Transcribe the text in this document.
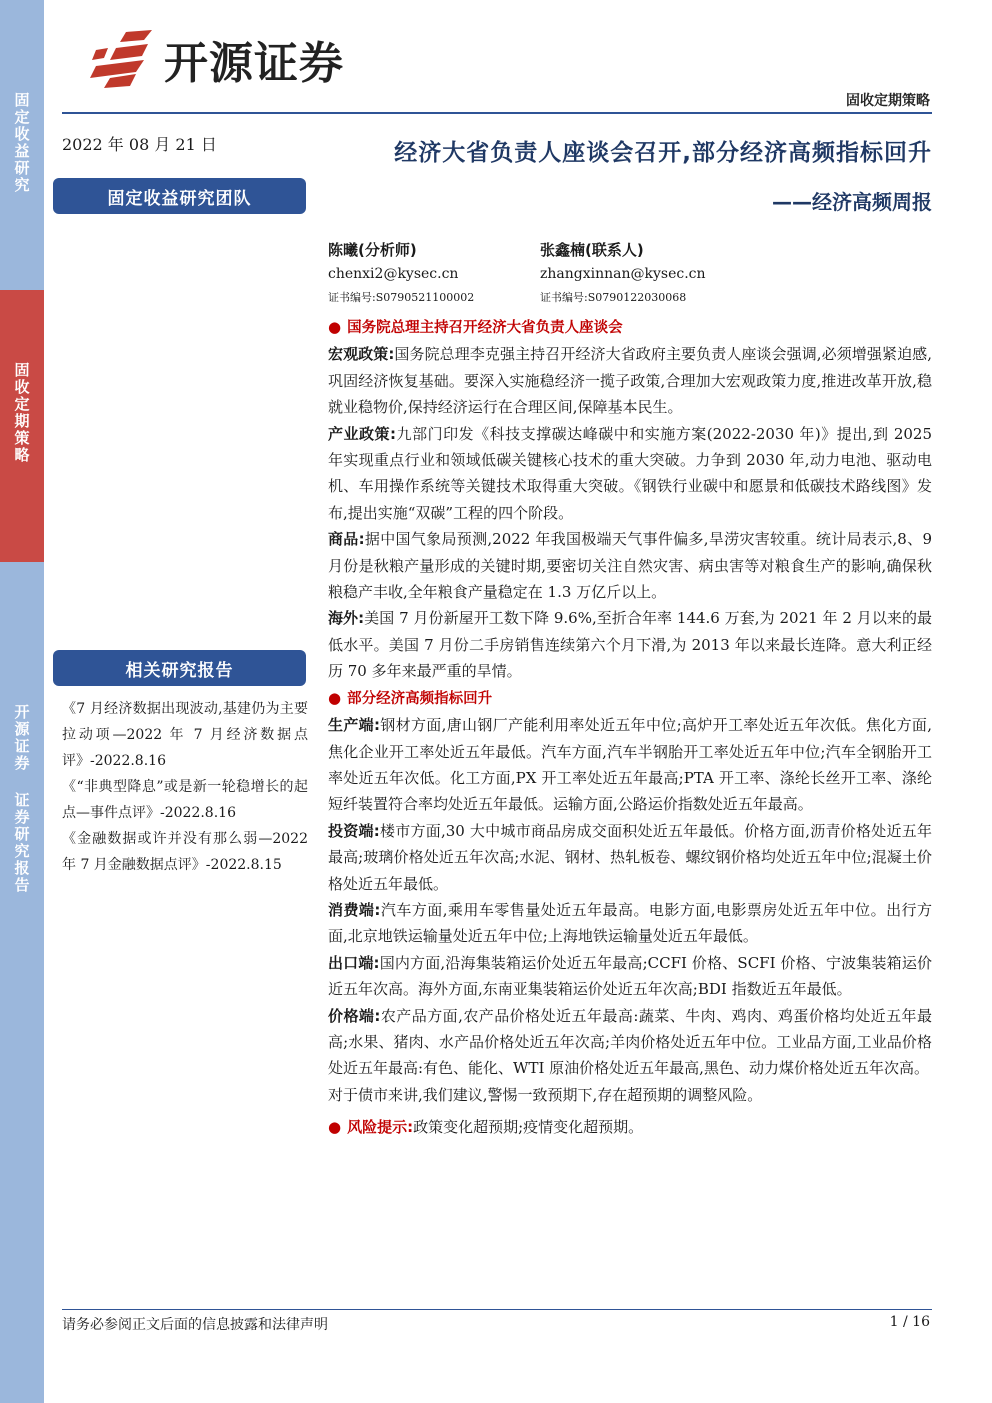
固定收益研究
固收定期策略
开源证券 证券研究报告
开源证券
固收定期策略
2022 年 08 月 21 日
固定收益研究团队
相关研究报告

《7 月经济数据出现波动,基建仍为主要拉动项—2022 年 7 月经济数据点评》-2022.8.16

《“非典型降息”或是新一轮稳增长的起点—事件点评》-2022.8.16

《金融数据或许并没有那么弱—2022 年 7 月金融数据点评》-2022.8.15

经济大省负责人座谈会召开,部分经济高频指标回升
——经济高频周报
陈曦(分析师)
chenxi2@kysec.cn
证书编号:S0790521100002
张鑫楠(联系人)
zhangxinnan@kysec.cn
证书编号:S0790122030068

● 国务院总理主持召开经济大省负责人座谈会

宏观政策:国务院总理李克强主持召开经济大省政府主要负责人座谈会强调,必须增强紧迫感,巩固经济恢复基础。要深入实施稳经济一揽子政策,合理加大宏观政策力度,推进改革开放,稳就业稳物价,保持经济运行在合理区间,保障基本民生。

产业政策:九部门印发《科技支撑碳达峰碳中和实施方案(2022-2030 年)》提出,到 2025 年实现重点行业和领域低碳关键核心技术的重大突破。力争到 2030 年,动力电池、驱动电机、车用操作系统等关键技术取得重大突破。《钢铁行业碳中和愿景和低碳技术路线图》发布,提出实施“双碳”工程的四个阶段。

商品:据中国气象局预测,2022 年我国极端天气事件偏多,旱涝灾害较重。统计局表示,8、9 月份是秋粮产量形成的关键时期,要密切关注自然灾害、病虫害等对粮食生产的影响,确保秋粮稳产丰收,全年粮食产量稳定在 1.3 万亿斤以上。

海外:美国 7 月份新屋开工数下降 9.6%,至折合年率 144.6 万套,为 2021 年 2 月以来的最低水平。美国 7 月份二手房销售连续第六个月下滑,为 2013 年以来最长连降。意大利正经历 70 多年来最严重的旱情。

● 部分经济高频指标回升

生产端:钢材方面,唐山钢厂产能利用率处近五年中位;高炉开工率处近五年次低。焦化方面,焦化企业开工率处近五年最低。汽车方面,汽车半钢胎开工率处近五年中位;汽车全钢胎开工率处近五年次低。化工方面,PX 开工率处近五年最高;PTA 开工率、涤纶长丝开工率、涤纶短纤装置符合率均处近五年最低。运输方面,公路运价指数处近五年最高。

投资端:楼市方面,30 大中城市商品房成交面积处近五年最低。价格方面,沥青价格处近五年最高;玻璃价格处近五年次高;水泥、钢材、热轧板卷、螺纹钢价格均处近五年中位;混凝土价格处近五年最低。

消费端:汽车方面,乘用车零售量处近五年最高。电影方面,电影票房处近五年中位。出行方面,北京地铁运输量处近五年中位;上海地铁运输量处近五年最低。

出口端:国内方面,沿海集装箱运价处近五年最高;CCFI 价格、SCFI 价格、宁波集装箱运价近五年次高。海外方面,东南亚集装箱运价处近五年次高;BDI 指数近五年最低。

价格端:农产品方面,农产品价格处近五年最高:蔬菜、牛肉、鸡肉、鸡蛋价格均处近五年最高;水果、猪肉、水产品价格处近五年次高;羊肉价格处近五年中位。工业品方面,工业品价格处近五年最高:有色、能化、WTI 原油价格处近五年最高,黑色、动力煤价格处近五年次高。

对于债市来讲,我们建议,警惕一致预期下,存在超预期的调整风险。

● 风险提示:政策变化超预期;疫情变化超预期。

请务必参阅正文后面的信息披露和法律声明	1 / 16
